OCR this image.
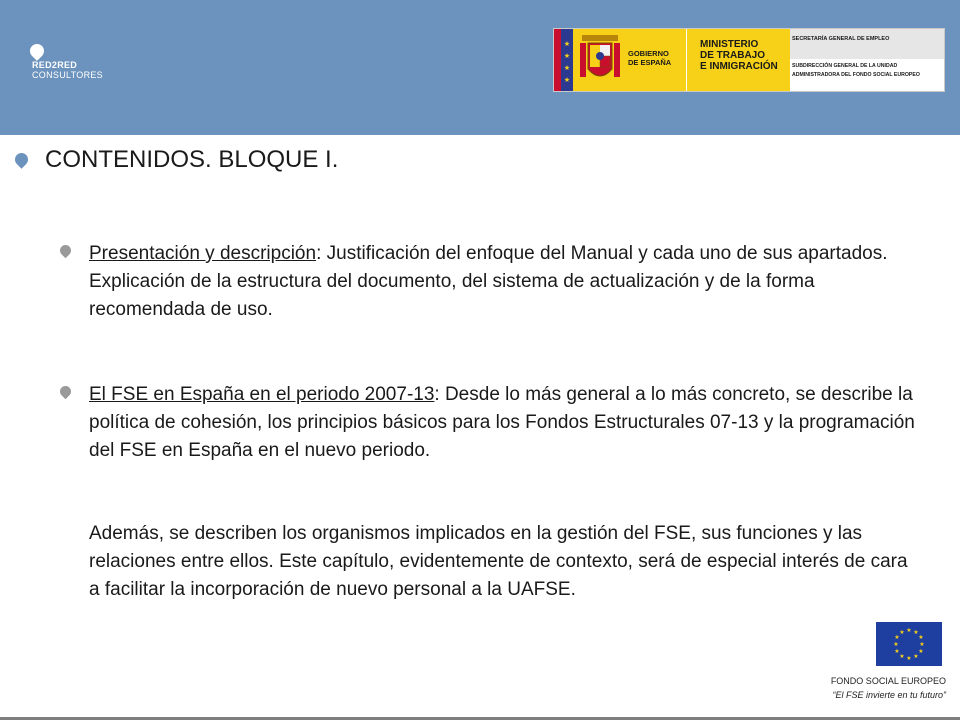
RED2RED
CONSULTORES
★
★
★
★
GOBIERNO
DE ESPAÑA
MINISTERIO
DE TRABAJO
E INMIGRACIÓN
SECRETARÍA GENERAL DE EMPLEO
SUBDIRECCIÓN GENERAL DE LA UNIDAD
ADMINISTRADORA DEL FONDO SOCIAL EUROPEO
CONTENIDOS. BLOQUE I.
Presentación y descripción: Justificación del enfoque del Manual y cada uno de sus apartados. Explicación de la estructura del documento, del sistema de actualización y de la forma recomendada de uso.
El FSE en España en el periodo 2007-13: Desde lo más general a lo más concreto, se describe la política de cohesión, los principios básicos para los Fondos Estructurales 07-13 y la programación del FSE en España en el nuevo periodo.
Además, se describen los organismos implicados en la gestión del FSE, sus funciones y las relaciones entre ellos. Este capítulo, evidentemente de contexto, será de especial interés de cara a facilitar la incorporación de nuevo personal a la UAFSE.
★ ★
★
★
★
★
★
★
★
★
★
★
FONDO SOCIAL EUROPEO
“El FSE invierte en tu futuro”
